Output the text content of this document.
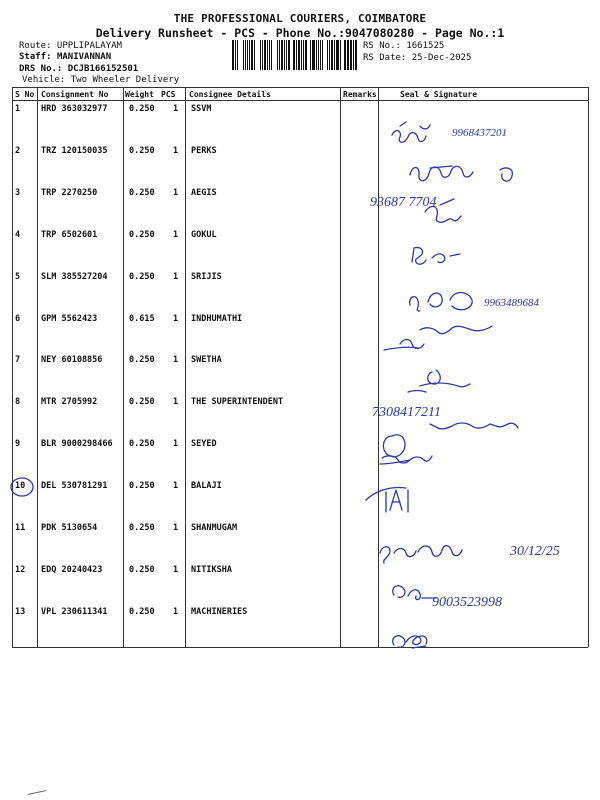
THE PROFESSIONAL COURIERS, COIMBATORE
Delivery Runsheet - PCS - Phone No.:9047080280 - Page No.:1
Route: UPPLIPALAYAM
Staff: MANIVANNAN
DRS No.: DCJB166152501
Vehicle: Two Wheeler Delivery
RS No.: 1661525
RS Date: 25-Dec-2025
S No Consignment No Weight PCS Consignee Details	Remarks	Seal & Signature
1 HRD 363032977	0.250 1 SSVM
2 TRZ 120150035	0.250 1 PERKS
3 TRP 2270250	0.250 1 AEGIS
4 TRP 6502601	0.250 1 GOKUL
5 SLM 385527204	0.250 1 SRIJIS
6 GPM 5562423	0.615 1 INDHUMATHI
7 NEY 60108856	0.250 1 SWETHA
8 MTR 2705992	0.250 1 THE SUPERINTENDENT
9 BLR 9000298466 0.250 1 SEYED
10 DEL 530781291	0.250 1 BALAJI
11 PDK 5130654	0.250 1 SHANMUGAM
12 EDQ 20240423	0.250 1 NITIKSHA
13 VPL 230611341	0.250 1 MACHINERIES
9968437201
93687 7704
9963489684
7308417211
30/12/25
9003523998
